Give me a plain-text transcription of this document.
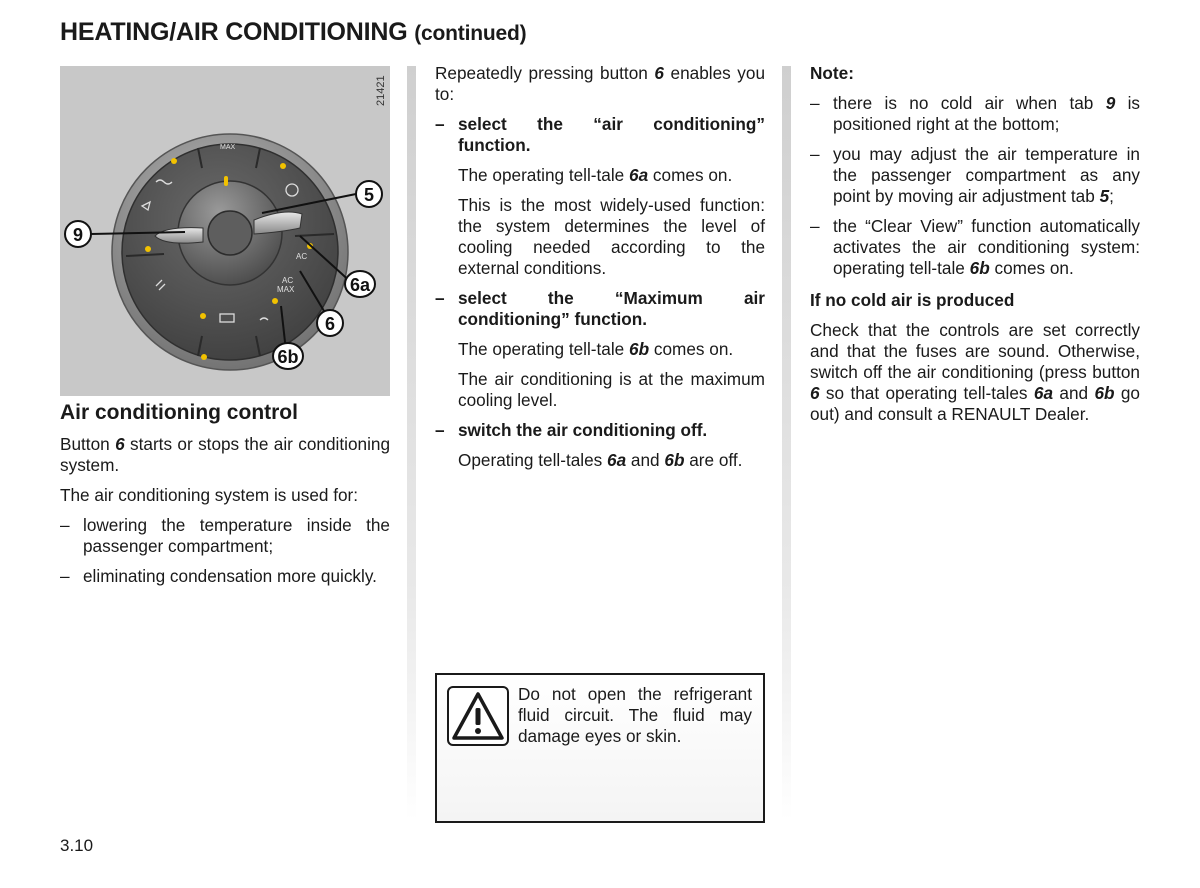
HEATING/AIR CONDITIONING (continued)
21421
MAX
AC
AC
MAX
9
5
6a
6
6b
Air conditioning control

Button 6 starts or stops the air conditioning system.

The air conditioning system is used for:

– lowering the temperature inside the passenger compartment;
– eliminating condensation more quickly.

Repeatedly pressing button 6 enables you to:

– select the “air conditioning” function.
The operating tell-tale 6a comes on.
This is the most widely-used function: the system determines the level of cooling needed according to the external conditions.
– select the “Maximum air conditioning” function.
The operating tell-tale 6b comes on.
The air conditioning is at the maximum cooling level.
– switch the air conditioning off.
Operating tell-tales 6a and 6b are off.
Do not open the refrigerant fluid circuit. The fluid may damage eyes or skin.

Note:

– there is no cold air when tab 9 is positioned right at the bottom;
– you may adjust the air temperature in the passenger compartment as any point by moving air adjustment tab 5;
– the “Clear View” function automatically activates the air conditioning system: operating tell-tale 6b comes on.

If no cold air is produced

Check that the controls are set correctly and that the fuses are sound. Otherwise, switch off the air conditioning (press button 6 so that operating tell-tales 6a and 6b go out) and consult a RENAULT Dealer.

3.10
